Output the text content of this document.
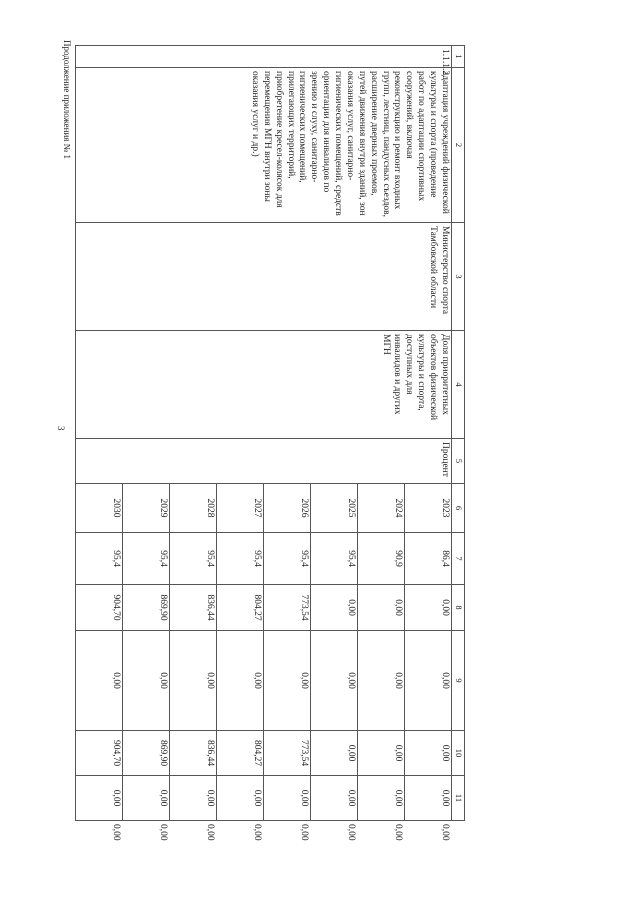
3
Продолжение приложения № 1	1	2	3	4	5	6	7	8	9	10	11	
1.1.1.2.	адаптация учреждений физической культуры и спорта (проведение работ по адаптации спортивных сооружений, включая реконструкцию и ремонт входных групп, лестниц, пандусных съездов, расширение дверных проемов, путей движения внутри зданий, зон оказания услуг, санитарно-гигиенических помещений, средств ориентации для инвалидов по зрению и слуху, санитарно-гигиенических помещений, прилегающих территорий, приобретение кресел-колясок для перемещения МГН внутри зоны оказания услуг и др.)	Министерство спорта Тамбовской области	Доля приоритетных объектов физической культуры и спорта, доступных для инвалидов и других МГН	Процент	2023	86,4	0,00	0,00	0,00	0,00	0,00
					2024	90,9	0,00	0,00	0,00	0,00	0,00
					2025	95,4	0,00	0,00	0,00	0,00	0,00
					2026	95,4	773,54	0,00	773,54	0,00	0,00
					2027	95,4	804,27	0,00	804,27	0,00	0,00
					2028	95,4	836,44	0,00	836,44	0,00	0,00
					2029	95,4	869,90	0,00	869,90	0,00	0,00
					2030	95,4	904,70	0,00	904,70	0,00	0,00
